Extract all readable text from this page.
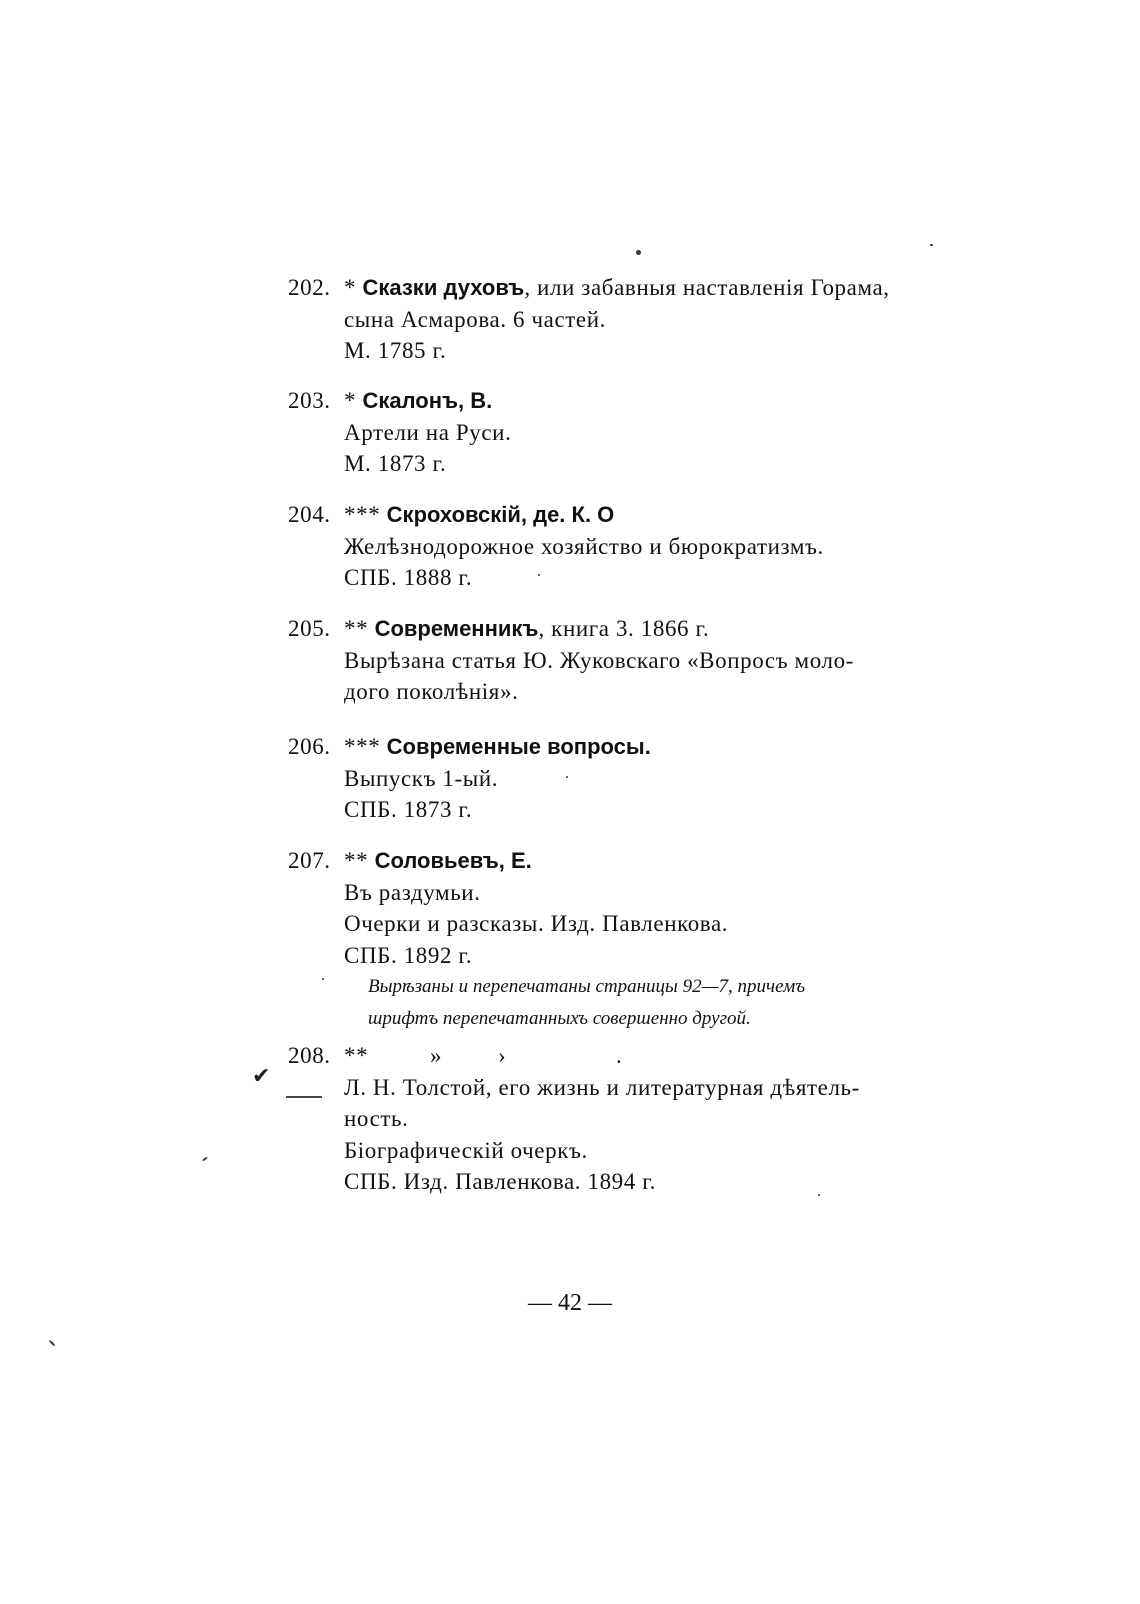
202. * Сказки духовъ, или забавныя наставленія Горама,
сына Асмарова. 6 частей.
М. 1785 г.
203. * Скалонъ, В.
Артели на Руси.
М. 1873 г.
204. *** Скроховскій, де. К. О
Желѣзнодорожное хозяйство и бюрократизмъ.
СПБ. 1888 г.
205. ** Современникъ, книга 3. 1866 г.
Вырѣзана статья Ю. Жуковскаго «Вопросъ моло-
дого поколѣнія».
206. *** Современные вопросы.
Выпускъ 1-ый.
СПБ. 1873 г.
207. ** Соловьевъ, Е.
Въ раздумьи.
Очерки и разсказы. Изд. Павленкова.
СПБ. 1892 г.
Вырѣзаны и перепечатаны страницы 92—7, причемъ
шрифтъ перепечатанныхъ совершенно другой.
208. **	» ›	.
Л. Н. Толстой, его жизнь и литературная дѣятель-
ность.
Біографическій очеркъ.
СПБ. Изд. Павленкова. 1894 г.
✔
— 42 —
